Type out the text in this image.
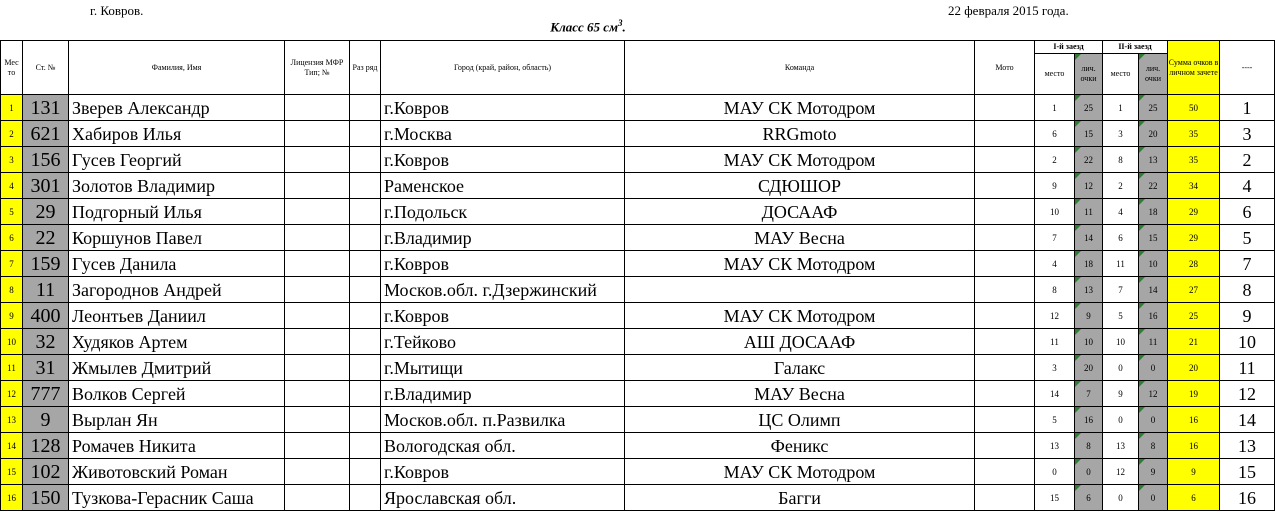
г. Ковров.	22 февраля 2015 года.
Класс 65 $см^3$.
Мес то	Ст. №	Фамилия, Имя	Лицензия МФР Тип; №	Раз ряд	Город (край, район, область)	Команда	Мото	I-й заезд		II-й заезд		Сумма очков в личном зачете	----
								место	лич. очки	место	лич. очки		
1	131	Зверев Александр			г.Ковров	МАУ СК Мотодром		1	25	1	25	50	1
2	621	Хабиров Илья			г.Москва	RRGmoto		6	15	3	20	35	3
3	156	Гусев Георгий			г.Ковров	МАУ СК Мотодром		2	22	8	13	35	2
4	301	Золотов Владимир			Раменское	СДЮШОР		9	12	2	22	34	4
5	29	Подгорный Илья			г.Подольск	ДОСААФ		10	11	4	18	29	6
6	22	Коршунов Павел			г.Владимир	МАУ Весна		7	14	6	15	29	5
7	159	Гусев Данила			г.Ковров	МАУ СК Мотодром		4	18	11	10	28	7
8	11	Загороднов Андрей			Москов.обл. г.Дзержинский			8	13	7	14	27	8
9	400	Леонтьев Даниил			г.Ковров	МАУ СК Мотодром		12	9	5	16	25	9
10	32	Худяков Артем			г.Тейково	АШ ДОСААФ		11	10	10	11	21	10
11	31	Жмылев Дмитрий			г.Мытищи	Галакс		3	20	0	0	20	11
12	777	Волков Сергей			г.Владимир	МАУ Весна		14	7	9	12	19	12
13	9	Вырлан Ян			Москов.обл. п.Развилка	ЦС Олимп		5	16	0	0	16	14
14	128	Ромачев Никита			Вологодская обл.	Феникс		13	8	13	8	16	13
15	102	Животовский Роман			г.Ковров	МАУ СК Мотодром		0	0	12	9	9	15
16	150	Тузкова-Герасник Саша			Ярославская обл.	Багги		15	6	0	0	6	16
